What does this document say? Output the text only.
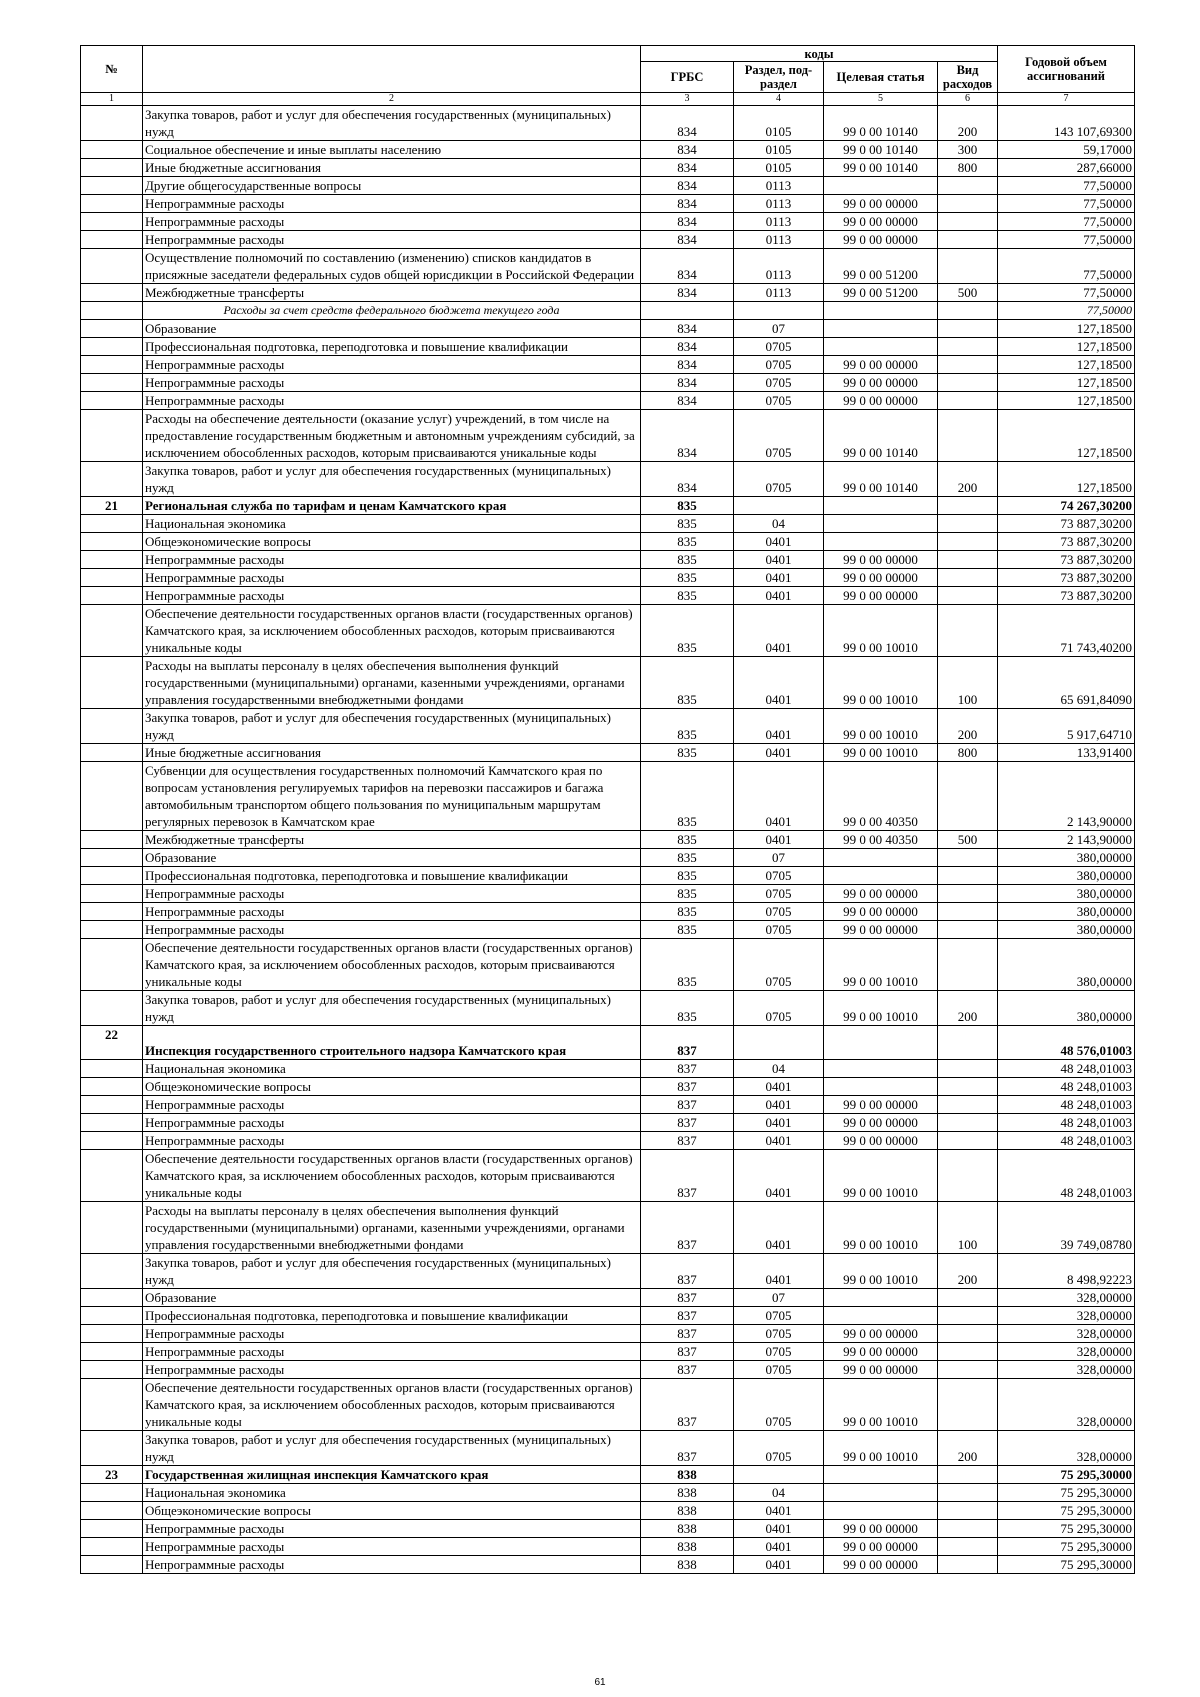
№		коды				Годовой объем ассигнований
		ГРБС	Раздел, под-раздел	Целевая статья	Вид расходов	
1	2	3	4	5	6	7
	Закупка товаров, работ и услуг для обеспечения государственных (муниципальных) нужд	834	0105	99 0 00 10140	200	143 107,69300
	Социальное обеспечение и иные выплаты населению	834	0105	99 0 00 10140	300	59,17000
	Иные бюджетные ассигнования	834	0105	99 0 00 10140	800	287,66000
	Другие общегосударственные вопросы	834	0113			77,50000
	Непрограммные расходы	834	0113	99 0 00 00000		77,50000
	Непрограммные расходы	834	0113	99 0 00 00000		77,50000
	Непрограммные расходы	834	0113	99 0 00 00000		77,50000
	Осуществление полномочий по составлению (изменению) списков кандидатов в присяжные заседатели федеральных судов общей юрисдикции в Российской Федерации	834	0113	99 0 00 51200		77,50000
	Межбюджетные трансферты	834	0113	99 0 00 51200	500	77,50000
	Расходы за счет средств федерального бюджета текущего года					77,50000
	Образование	834	07			127,18500
	Профессиональная подготовка, переподготовка и повышение квалификации	834	0705			127,18500
	Непрограммные расходы	834	0705	99 0 00 00000		127,18500
	Непрограммные расходы	834	0705	99 0 00 00000		127,18500
	Непрограммные расходы	834	0705	99 0 00 00000		127,18500
	Расходы на обеспечение деятельности (оказание услуг) учреждений, в том числе на предоставление государственным бюджетным и автономным учреждениям субсидий, за исключением обособленных расходов, которым присваиваются уникальные коды	834	0705	99 0 00 10140		127,18500
	Закупка товаров, работ и услуг для обеспечения государственных (муниципальных) нужд	834	0705	99 0 00 10140	200	127,18500
21	Региональная служба по тарифам и ценам Камчатского края	835				74 267,30200
	Национальная экономика	835	04			73 887,30200
	Общеэкономические вопросы	835	0401			73 887,30200
	Непрограммные расходы	835	0401	99 0 00 00000		73 887,30200
	Непрограммные расходы	835	0401	99 0 00 00000		73 887,30200
	Непрограммные расходы	835	0401	99 0 00 00000		73 887,30200
	Обеспечение деятельности государственных органов власти (государственных органов) Камчатского края, за исключением обособленных расходов, которым присваиваются уникальные коды	835	0401	99 0 00 10010		71 743,40200
	Расходы на выплаты персоналу в целях обеспечения выполнения функций государственными (муниципальными) органами, казенными учреждениями, органами управления государственными внебюджетными фондами	835	0401	99 0 00 10010	100	65 691,84090
	Закупка товаров, работ и услуг для обеспечения государственных (муниципальных) нужд	835	0401	99 0 00 10010	200	5 917,64710
	Иные бюджетные ассигнования	835	0401	99 0 00 10010	800	133,91400
	Субвенции для осуществления государственных полномочий Камчатского края по вопросам установления регулируемых тарифов на перевозки пассажиров и багажа автомобильным транспортом общего пользования по муниципальным маршрутам регулярных перевозок в Камчатском крае	835	0401	99 0 00 40350		2 143,90000
	Межбюджетные трансферты	835	0401	99 0 00 40350	500	2 143,90000
	Образование	835	07			380,00000
	Профессиональная подготовка, переподготовка и повышение квалификации	835	0705			380,00000
	Непрограммные расходы	835	0705	99 0 00 00000		380,00000
	Непрограммные расходы	835	0705	99 0 00 00000		380,00000
	Непрограммные расходы	835	0705	99 0 00 00000		380,00000
	Обеспечение деятельности государственных органов власти (государственных органов) Камчатского края, за исключением обособленных расходов, которым присваиваются уникальные коды	835	0705	99 0 00 10010		380,00000
	Закупка товаров, работ и услуг для обеспечения государственных (муниципальных) нужд	835	0705	99 0 00 10010	200	380,00000
22	Инспекция государственного строительного надзора Камчатского края	837				48 576,01003
	Национальная экономика	837	04			48 248,01003
	Общеэкономические вопросы	837	0401			48 248,01003
	Непрограммные расходы	837	0401	99 0 00 00000		48 248,01003
	Непрограммные расходы	837	0401	99 0 00 00000		48 248,01003
	Непрограммные расходы	837	0401	99 0 00 00000		48 248,01003
	Обеспечение деятельности государственных органов власти (государственных органов) Камчатского края, за исключением обособленных расходов, которым присваиваются уникальные коды	837	0401	99 0 00 10010		48 248,01003
	Расходы на выплаты персоналу в целях обеспечения выполнения функций государственными (муниципальными) органами, казенными учреждениями, органами управления государственными внебюджетными фондами	837	0401	99 0 00 10010	100	39 749,08780
	Закупка товаров, работ и услуг для обеспечения государственных (муниципальных) нужд	837	0401	99 0 00 10010	200	8 498,92223
	Образование	837	07			328,00000
	Профессиональная подготовка, переподготовка и повышение квалификации	837	0705			328,00000
	Непрограммные расходы	837	0705	99 0 00 00000		328,00000
	Непрограммные расходы	837	0705	99 0 00 00000		328,00000
	Непрограммные расходы	837	0705	99 0 00 00000		328,00000
	Обеспечение деятельности государственных органов власти (государственных органов) Камчатского края, за исключением обособленных расходов, которым присваиваются уникальные коды	837	0705	99 0 00 10010		328,00000
	Закупка товаров, работ и услуг для обеспечения государственных (муниципальных) нужд	837	0705	99 0 00 10010	200	328,00000
23	Государственная жилищная инспекция Камчатского края	838				75 295,30000
	Национальная экономика	838	04			75 295,30000
	Общеэкономические вопросы	838	0401			75 295,30000
	Непрограммные расходы	838	0401	99 0 00 00000		75 295,30000
	Непрограммные расходы	838	0401	99 0 00 00000		75 295,30000
	Непрограммные расходы	838	0401	99 0 00 00000		75 295,30000
61
